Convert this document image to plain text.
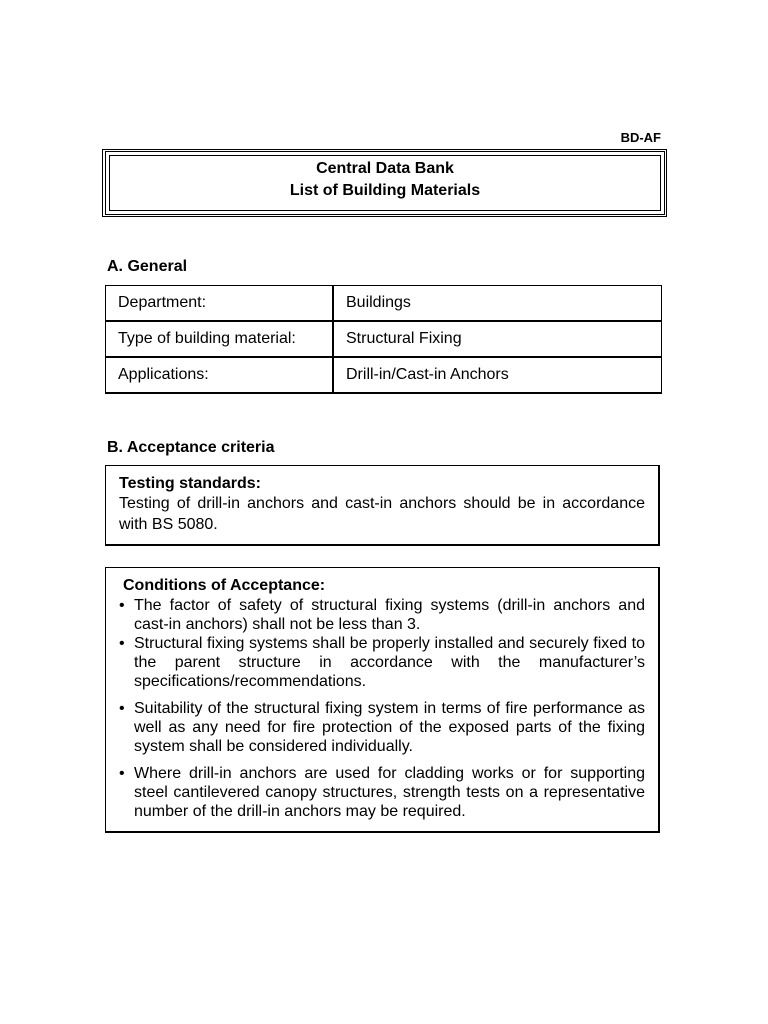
BD-AF
Central Data Bank
List of Building Materials
A. General
Department:	Buildings
Type of building material:	Structural Fixing
Applications:	Drill-in/Cast-in Anchors
B. Acceptance criteria
Testing standards:
Testing of drill-in anchors and cast-in anchors should be in accordance with BS 5080.
Conditions of Acceptance:
• The factor of safety of structural fixing systems (drill-in anchors and cast-in anchors) shall not be less than 3.
• Structural fixing systems shall be properly installed and securely fixed to the parent structure in accordance with the manufacturer’s specifications/recommendations.
• Suitability of the structural fixing system in terms of fire performance as well as any need for fire protection of the exposed parts of the fixing system shall be considered individually.
• Where drill-in anchors are used for cladding works or for supporting steel cantilevered canopy structures, strength tests on a representative number of the drill-in anchors may be required.
